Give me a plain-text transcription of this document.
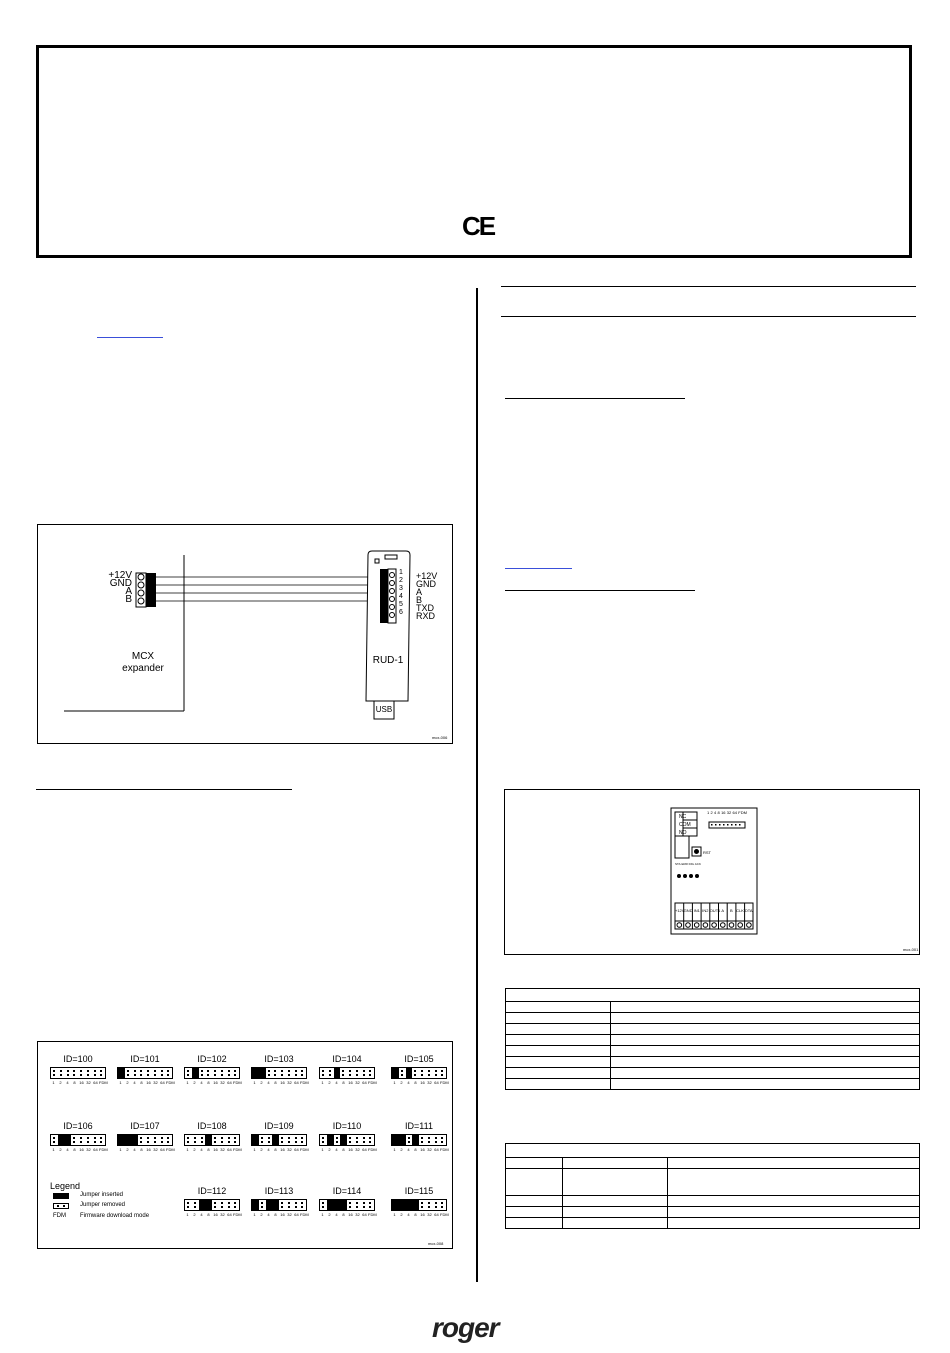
CE
+12V
GND
A
B
MCX
expander
1
2
3
4
5
6
+12V
GND
A
B
TXD
RXD
RUD-1
USB
mcx-006
ID=100
1	2	4	8 16 32 64 FDM
ID=101
1	2	4	8 16 32 64 FDM
ID=102
1	2	4	8 16 32 64 FDM
ID=103
1	2	4	8 16 32 64 FDM
ID=104
1	2	4	8 16 32 64 FDM
ID=105
1	2	4	8 16 32 64 FDM
ID=106
1	2	4	8 16 32 64 FDM
ID=107
1	2	4	8 16 32 64 FDM
ID=108
1	2	4	8 16 32 64 FDM
ID=109
1	2	4	8 16 32 64 FDM
ID=110
1	2	4	8 16 32 64 FDM
ID=111
1	2	4	8 16 32 64 FDM
ID=112
1	2	4	8 16 32 64 FDM
ID=113
1	2	4	8 16 32 64 FDM
ID=114
1	2	4	8 16 32 64 FDM
ID=115
1	2	4	8 16 32 64 FDM
Legend
FDM
Jumper inserted
Jumper removed
Firmware download mode
mcx-008
NC
COM
NO
1 2 4 8 16 32 64 FDM
RST
STA ERR DIG ACK
+12V GND IN1 IN2 OUT1 A	B CLK DTA
mcx-001

roger
